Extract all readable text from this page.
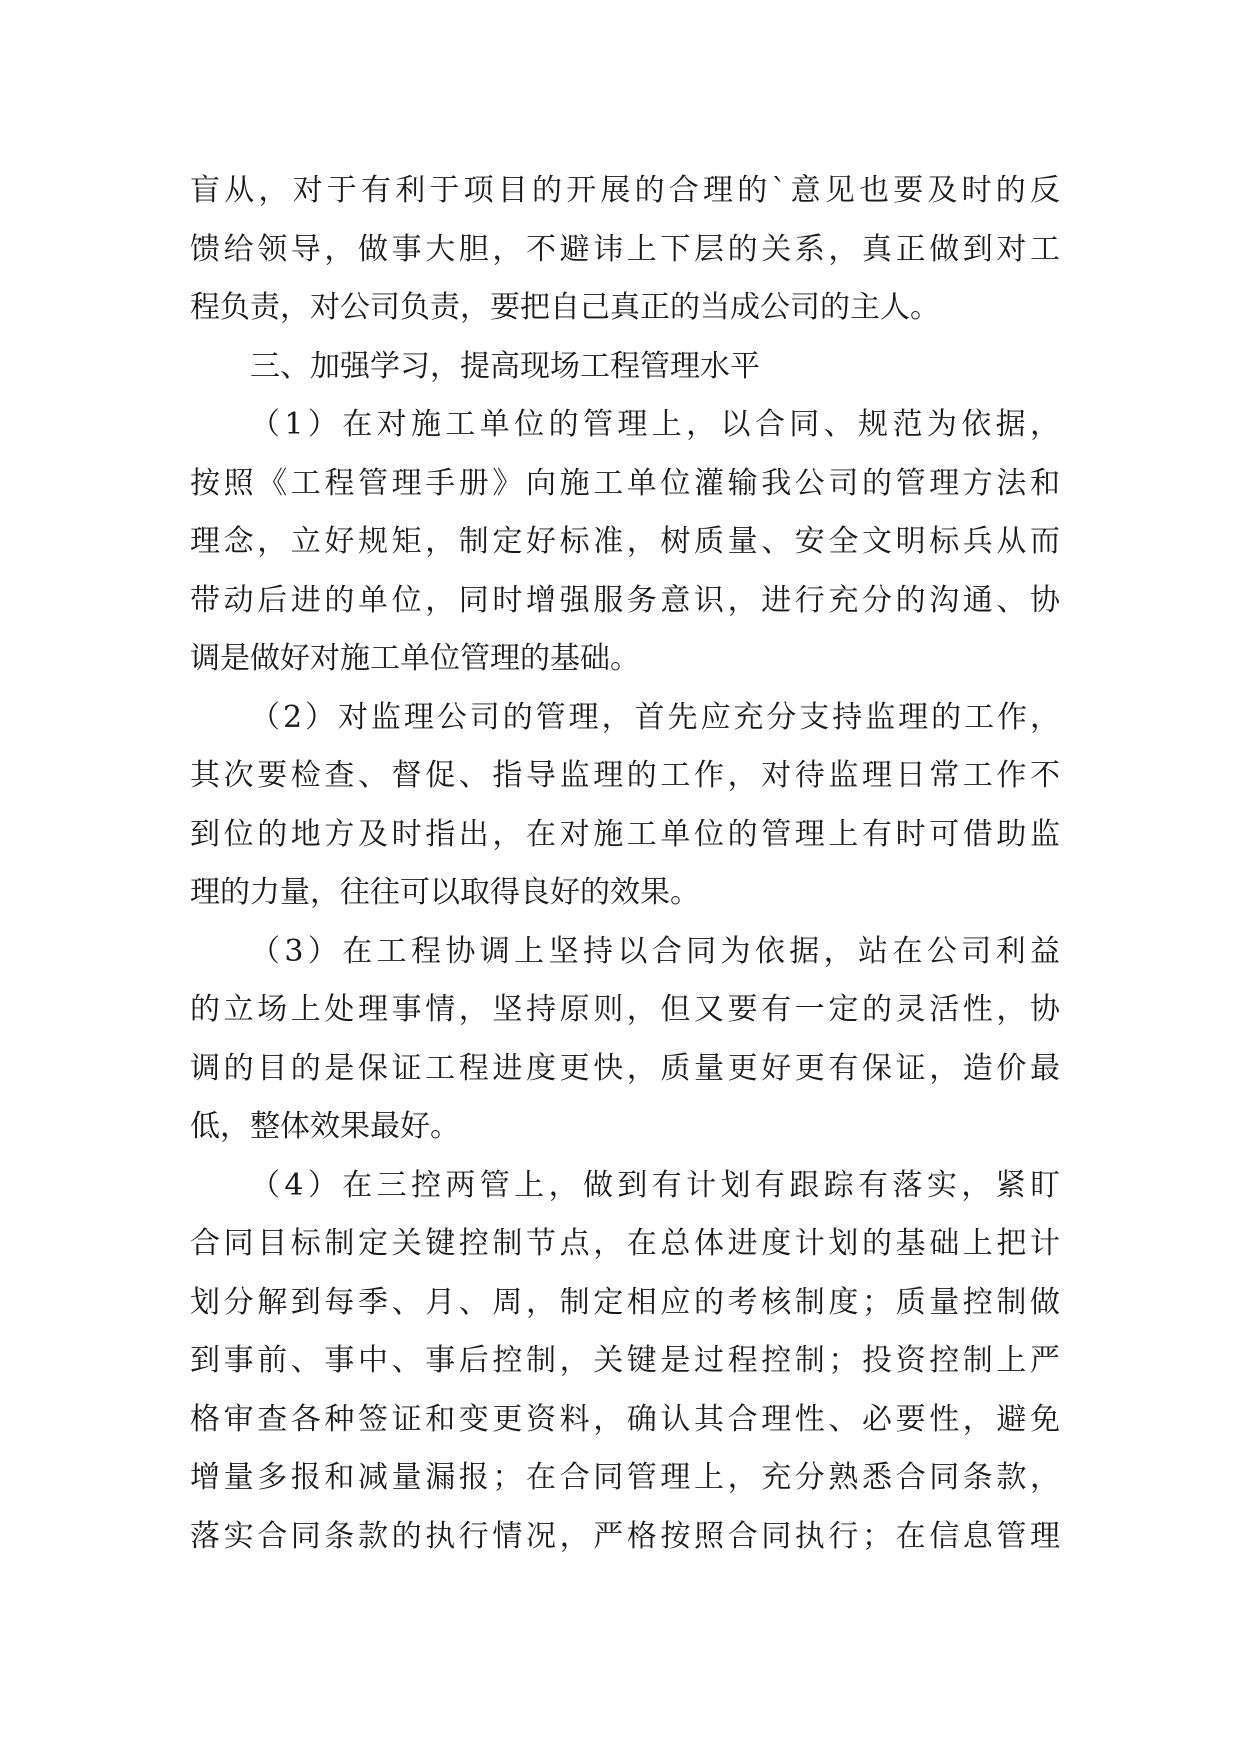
盲从，对于有利于项目的开展的合理的`意见也要及时的反
馈给领导，做事大胆，不避讳上下层的关系，真正做到对工
程负责，对公司负责，要把自己真正的当成公司的主人。
三、加强学习，提高现场工程管理水平
（1）在对施工单位的管理上，以合同、规范为依据，
按照《工程管理手册》向施工单位灌输我公司的管理方法和
理念，立好规矩，制定好标准，树质量、安全文明标兵从而
带动后进的单位，同时增强服务意识，进行充分的沟通、协
调是做好对施工单位管理的基础。
（2）对监理公司的管理，首先应充分支持监理的工作，
其次要检查、督促、指导监理的工作，对待监理日常工作不
到位的地方及时指出，在对施工单位的管理上有时可借助监
理的力量，往往可以取得良好的效果。
（3）在工程协调上坚持以合同为依据，站在公司利益
的立场上处理事情，坚持原则，但又要有一定的灵活性，协
调的目的是保证工程进度更快，质量更好更有保证，造价最
低，整体效果最好。
（4）在三控两管上，做到有计划有跟踪有落实，紧盯
合同目标制定关键控制节点，在总体进度计划的基础上把计
划分解到每季、月、周，制定相应的考核制度；质量控制做
到事前、事中、事后控制，关键是过程控制；投资控制上严
格审查各种签证和变更资料，确认其合理性、必要性，避免
增量多报和减量漏报；在合同管理上，充分熟悉合同条款，
落实合同条款的执行情况，严格按照合同执行；在信息管理
